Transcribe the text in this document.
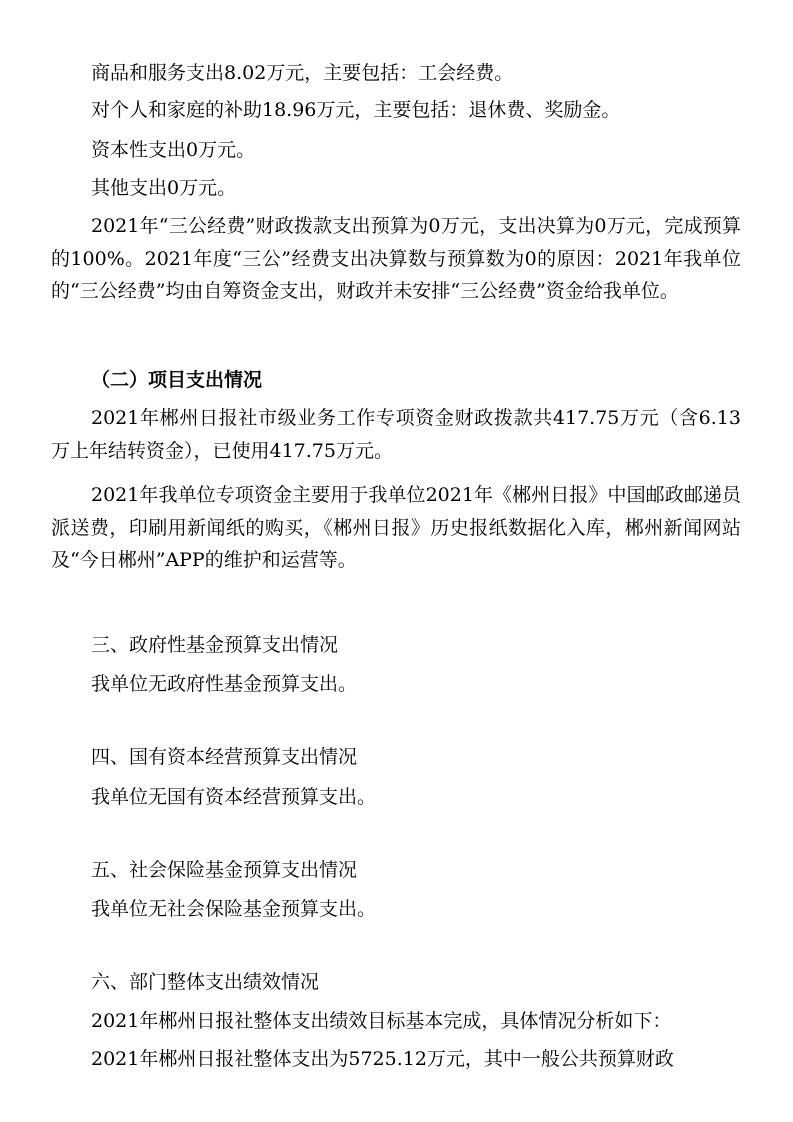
商品和服务支出8.02万元，主要包括：工会经费。

对个人和家庭的补助18.96万元，主要包括：退休费、奖励金。

资本性支出0万元。

其他支出0万元。

2021年“三公经费”财政拨款支出预算为0万元，支出决算为0万元，完成预算的100%。2021年度“三公”经费支出决算数与预算数为0的原因：2021年我单位的“三公经费”均由自筹资金支出，财政并未安排“三公经费”资金给我单位。

（二）项目支出情况

2021年郴州日报社市级业务工作专项资金财政拨款共417.75万元（含6.13万上年结转资金），已使用417.75万元。

2021年我单位专项资金主要用于我单位2021年《郴州日报》中国邮政邮递员派送费，印刷用新闻纸的购买，《郴州日报》历史报纸数据化入库，郴州新闻网站及“今日郴州”APP的维护和运营等。

三、政府性基金预算支出情况

我单位无政府性基金预算支出。

四、国有资本经营预算支出情况

我单位无国有资本经营预算支出。

五、社会保险基金预算支出情况

我单位无社会保险基金预算支出。

六、部门整体支出绩效情况

2021年郴州日报社整体支出绩效目标基本完成，具体情况分析如下：

2021年郴州日报社整体支出为5725.12万元，其中一般公共预算财政
